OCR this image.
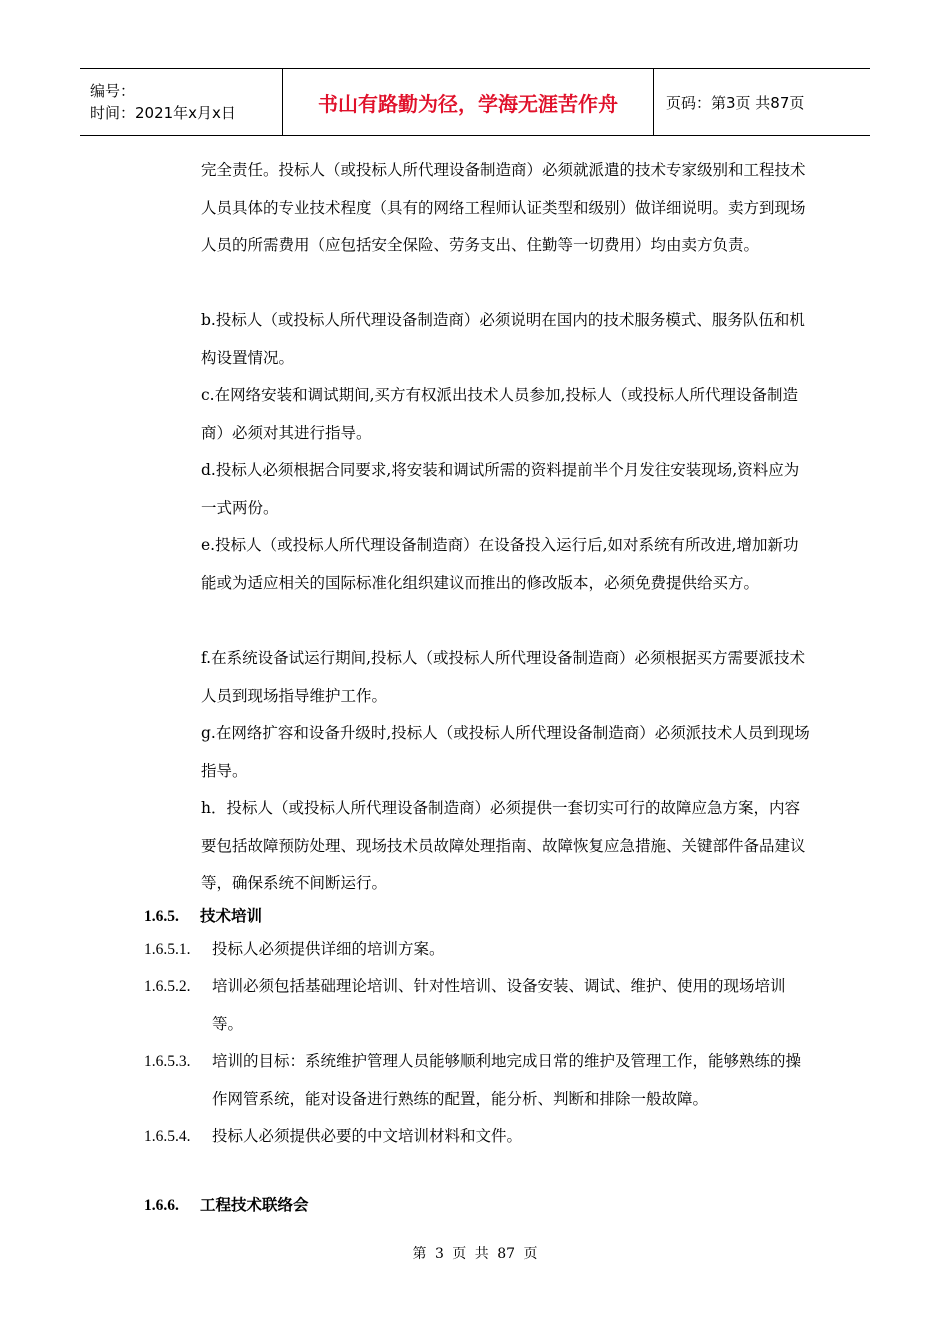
编号：
时间：2021年x月x日	书山有路勤为径，学海无涯苦作舟	页码：第3页 共87页
完全责任。投标人（或投标人所代理设备制造商）必须就派遣的技术专家级别和工程技术人员具体的专业技术程度（具有的网络工程师认证类型和级别）做详细说明。卖方到现场人员的所需费用（应包括安全保险、劳务支出、住勤等一切费用）均由卖方负责。
b.投标人（或投标人所代理设备制造商）必须说明在国内的技术服务模式、服务队伍和机构设置情况。
c.在网络安装和调试期间,买方有权派出技术人员参加,投标人（或投标人所代理设备制造商）必须对其进行指导。
d.投标人必须根据合同要求,将安装和调试所需的资料提前半个月发往安装现场,资料应为一式两份。
e.投标人（或投标人所代理设备制造商）在设备投入运行后,如对系统有所改进,增加新功能或为适应相关的国际标准化组织建议而推出的修改版本，必须免费提供给买方。
f.在系统设备试运行期间,投标人（或投标人所代理设备制造商）必须根据买方需要派技术人员到现场指导维护工作。
g.在网络扩容和设备升级时,投标人（或投标人所代理设备制造商）必须派技术人员到现场指导。
h．投标人（或投标人所代理设备制造商）必须提供一套切实可行的故障应急方案，内容要包括故障预防处理、现场技术员故障处理指南、故障恢复应急措施、关键部件备品建议等，确保系统不间断运行。
1.6.5. 技术培训
1.6.5.1.	投标人必须提供详细的培训方案。
1.6.5.2.	培训必须包括基础理论培训、针对性培训、设备安装、调试、维护、使用的现场培训等。
1.6.5.3.	培训的目标：系统维护管理人员能够顺利地完成日常的维护及管理工作，能够熟练的操作网管系统，能对设备进行熟练的配置，能分析、判断和排除一般故障。
1.6.5.4.	投标人必须提供必要的中文培训材料和文件。
1.6.6. 工程技术联络会
第 3 页 共 87 页
